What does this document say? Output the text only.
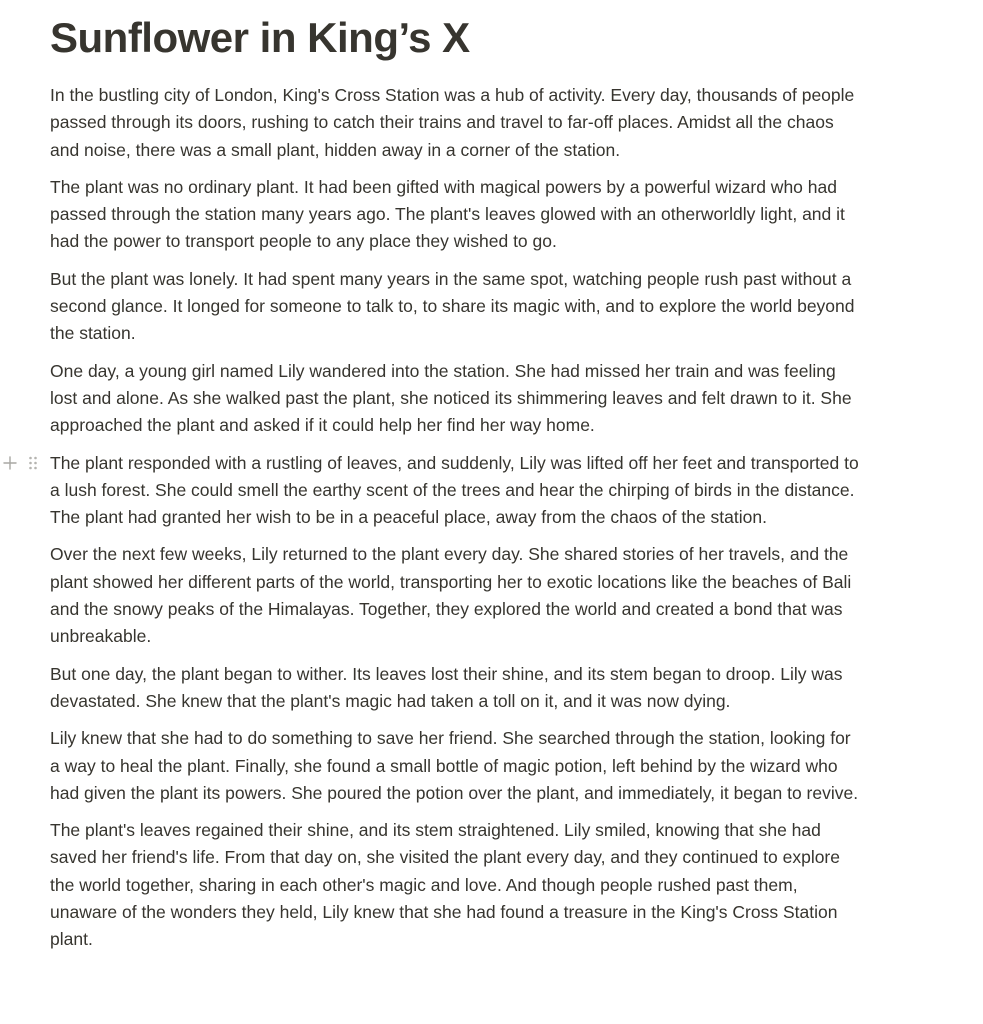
Sunflower in King’s X

In the bustling city of London, King's Cross Station was a hub of activity. Every day, thousands of people passed through its doors, rushing to catch their trains and travel to far-off places. Amidst all the chaos and noise, there was a small plant, hidden away in a corner of the station.

The plant was no ordinary plant. It had been gifted with magical powers by a powerful wizard who had passed through the station many years ago. The plant's leaves glowed with an otherworldly light, and it had the power to transport people to any place they wished to go.

But the plant was lonely. It had spent many years in the same spot, watching people rush past without a second glance. It longed for someone to talk to, to share its magic with, and to explore the world beyond the station.

One day, a young girl named Lily wandered into the station. She had missed her train and was feeling lost and alone. As she walked past the plant, she noticed its shimmering leaves and felt drawn to it. She approached the plant and asked if it could help her find her way home.

The plant responded with a rustling of leaves, and suddenly, Lily was lifted off her feet and transported to a lush forest. She could smell the earthy scent of the trees and hear the chirping of birds in the distance. The plant had granted her wish to be in a peaceful place, away from the chaos of the station.

Over the next few weeks, Lily returned to the plant every day. She shared stories of her travels, and the plant showed her different parts of the world, transporting her to exotic locations like the beaches of Bali and the snowy peaks of the Himalayas. Together, they explored the world and created a bond that was unbreakable.

But one day, the plant began to wither. Its leaves lost their shine, and its stem began to droop. Lily was devastated. She knew that the plant's magic had taken a toll on it, and it was now dying.

Lily knew that she had to do something to save her friend. She searched through the station, looking for a way to heal the plant. Finally, she found a small bottle of magic potion, left behind by the wizard who had given the plant its powers. She poured the potion over the plant, and immediately, it began to revive.

The plant's leaves regained their shine, and its stem straightened. Lily smiled, knowing that she had saved her friend's life. From that day on, she visited the plant every day, and they continued to explore the world together, sharing in each other's magic and love. And though people rushed past them, unaware of the wonders they held, Lily knew that she had found a treasure in the King's Cross Station plant.
